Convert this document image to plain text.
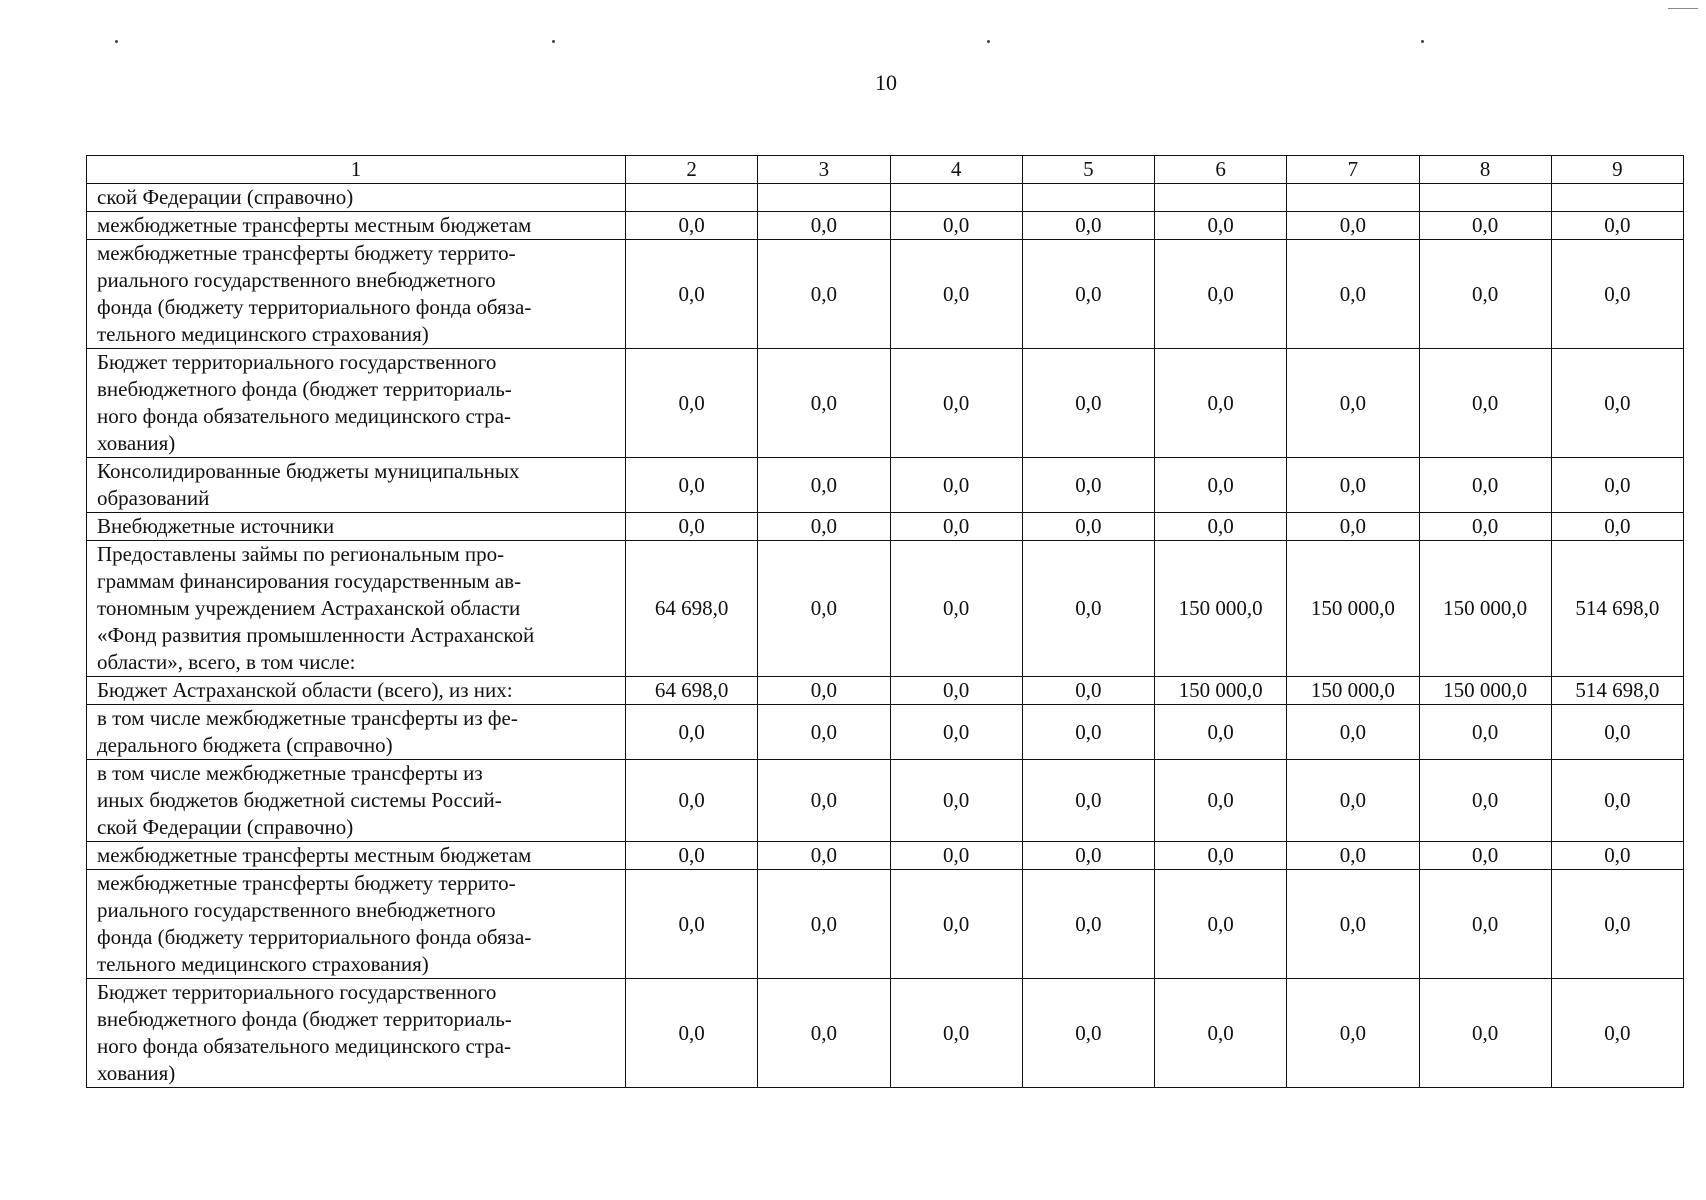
10
1	2	3	4	5	6	7	8	9
ской Федерации (справочно)								
межбюджетные трансферты местным бюджетам	0,0	0,0	0,0	0,0	0,0	0,0	0,0	0,0
межбюджетные трансферты бюджету террито-
риального государственного внебюджетного
фонда (бюджету территориального фонда обяза-
тельного медицинского страхования)	0,0	0,0	0,0	0,0	0,0	0,0	0,0	0,0
Бюджет территориального государственного
внебюджетного фонда (бюджет территориаль-
ного фонда обязательного медицинского стра-
хования)	0,0	0,0	0,0	0,0	0,0	0,0	0,0	0,0
Консолидированные бюджеты муниципальных
образований	0,0	0,0	0,0	0,0	0,0	0,0	0,0	0,0
Внебюджетные источники	0,0	0,0	0,0	0,0	0,0	0,0	0,0	0,0
Предоставлены займы по региональным про-
граммам финансирования государственным ав-
тономным учреждением Астраханской области
«Фонд развития промышленности Астраханской
области», всего, в том числе:	64 698,0	0,0	0,0	0,0	150 000,0	150 000,0	150 000,0	514 698,0
Бюджет Астраханской области (всего), из них:	64 698,0	0,0	0,0	0,0	150 000,0	150 000,0	150 000,0	514 698,0
в том числе межбюджетные трансферты из фе-
дерального бюджета (справочно)	0,0	0,0	0,0	0,0	0,0	0,0	0,0	0,0
в том числе межбюджетные трансферты из
иных бюджетов бюджетной системы Россий-
ской Федерации (справочно)	0,0	0,0	0,0	0,0	0,0	0,0	0,0	0,0
межбюджетные трансферты местным бюджетам	0,0	0,0	0,0	0,0	0,0	0,0	0,0	0,0
межбюджетные трансферты бюджету террито-
риального государственного внебюджетного
фонда (бюджету территориального фонда обяза-
тельного медицинского страхования)	0,0	0,0	0,0	0,0	0,0	0,0	0,0	0,0
Бюджет территориального государственного
внебюджетного фонда (бюджет территориаль-
ного фонда обязательного медицинского стра-
хования)	0,0	0,0	0,0	0,0	0,0	0,0	0,0	0,0
